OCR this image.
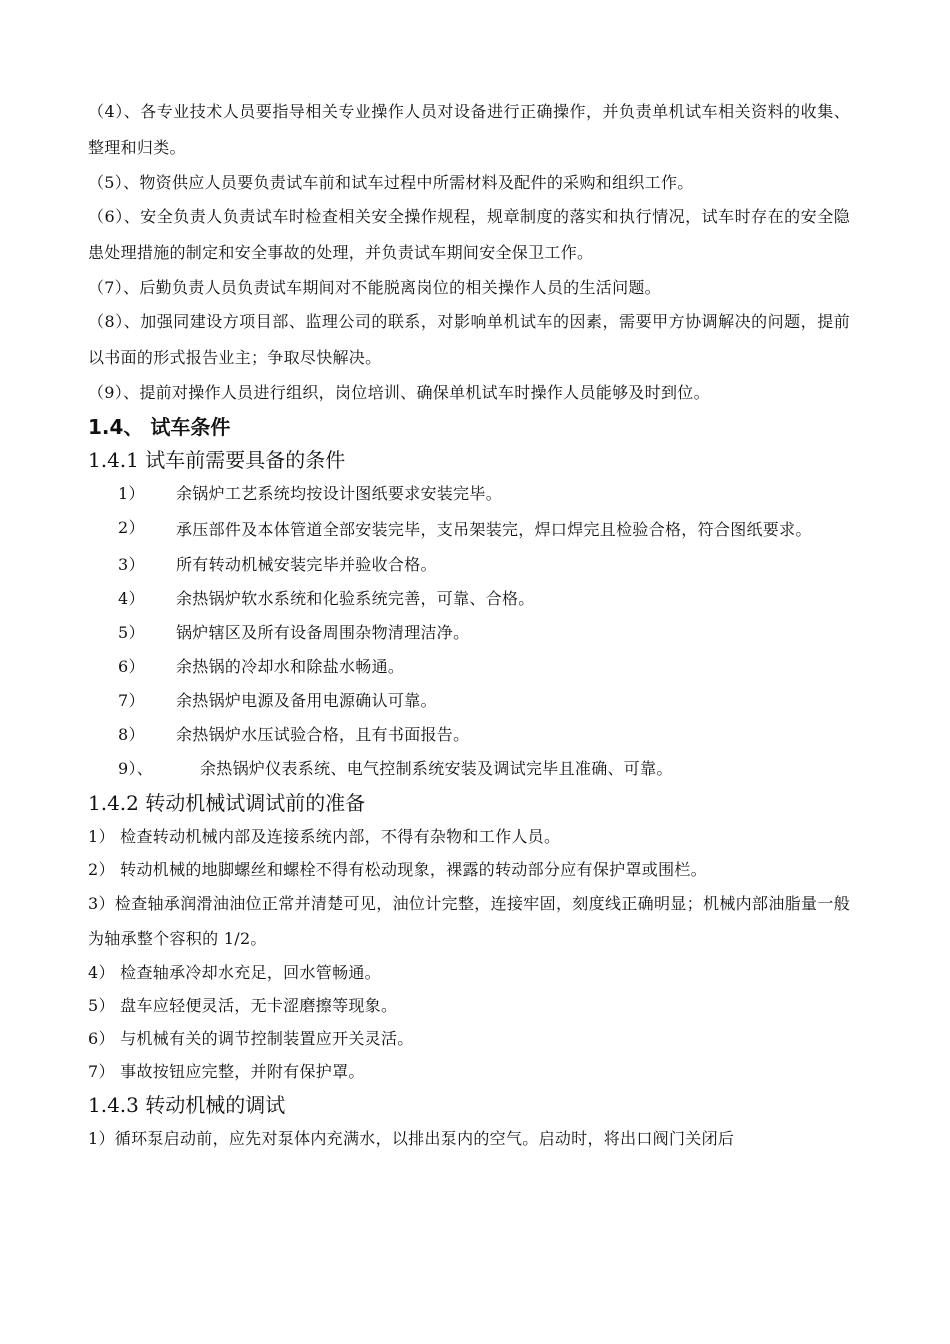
（4）、各专业技术人员要指导相关专业操作人员对设备进行正确操作，并负责单机试车相关资料的收集、整理和归类。

（5）、物资供应人员要负责试车前和试车过程中所需材料及配件的采购和组织工作。

（6）、安全负责人负责试车时检查相关安全操作规程，规章制度的落实和执行情况，试车时存在的安全隐患处理措施的制定和安全事故的处理，并负责试车期间安全保卫工作。

（7）、后勤负责人员负责试车期间对不能脱离岗位的相关操作人员的生活问题。

（8）、加强同建设方项目部、监理公司的联系，对影响单机试车的因素，需要甲方协调解决的问题，提前以书面的形式报告业主；争取尽快解决。

（9）、提前对操作人员进行组织，岗位培训、确保单机试车时操作人员能够及时到位。

1.4、 试车条件
1.4.1 试车前需要具备的条件
1）	余锅炉工艺系统均按设计图纸要求安装完毕。
2）	承压部件及本体管道全部安装完毕，支吊架装完，焊口焊完且检验合格，符合图纸要求。
3）	所有转动机械安装完毕并验收合格。
4）	余热锅炉软水系统和化验系统完善，可靠、合格。
5）	锅炉辖区及所有设备周围杂物清理洁净。
6）	余热锅的冷却水和除盐水畅通。
7）	余热锅炉电源及备用电源确认可靠。
8）	余热锅炉水压试验合格，且有书面报告。
9）、	余热锅炉仪表系统、电气控制系统安装及调试完毕且准确、可靠。
1.4.2 转动机械试调试前的准备

1） 检查转动机械内部及连接系统内部，不得有杂物和工作人员。

2） 转动机械的地脚螺丝和螺栓不得有松动现象，裸露的转动部分应有保护罩或围栏。

3）检查轴承润滑油油位正常并清楚可见，油位计完整，连接牢固，刻度线正确明显；机械内部油脂量一般为轴承整个容积的 1/2。

4） 检查轴承冷却水充足，回水管畅通。

5） 盘车应轻便灵活，无卡涩磨擦等现象。

6） 与机械有关的调节控制装置应开关灵活。

7） 事故按钮应完整，并附有保护罩。

1.4.3 转动机械的调试

1）循环泵启动前，应先对泵体内充满水，以排出泵内的空气。启动时，将出口阀门关闭后
